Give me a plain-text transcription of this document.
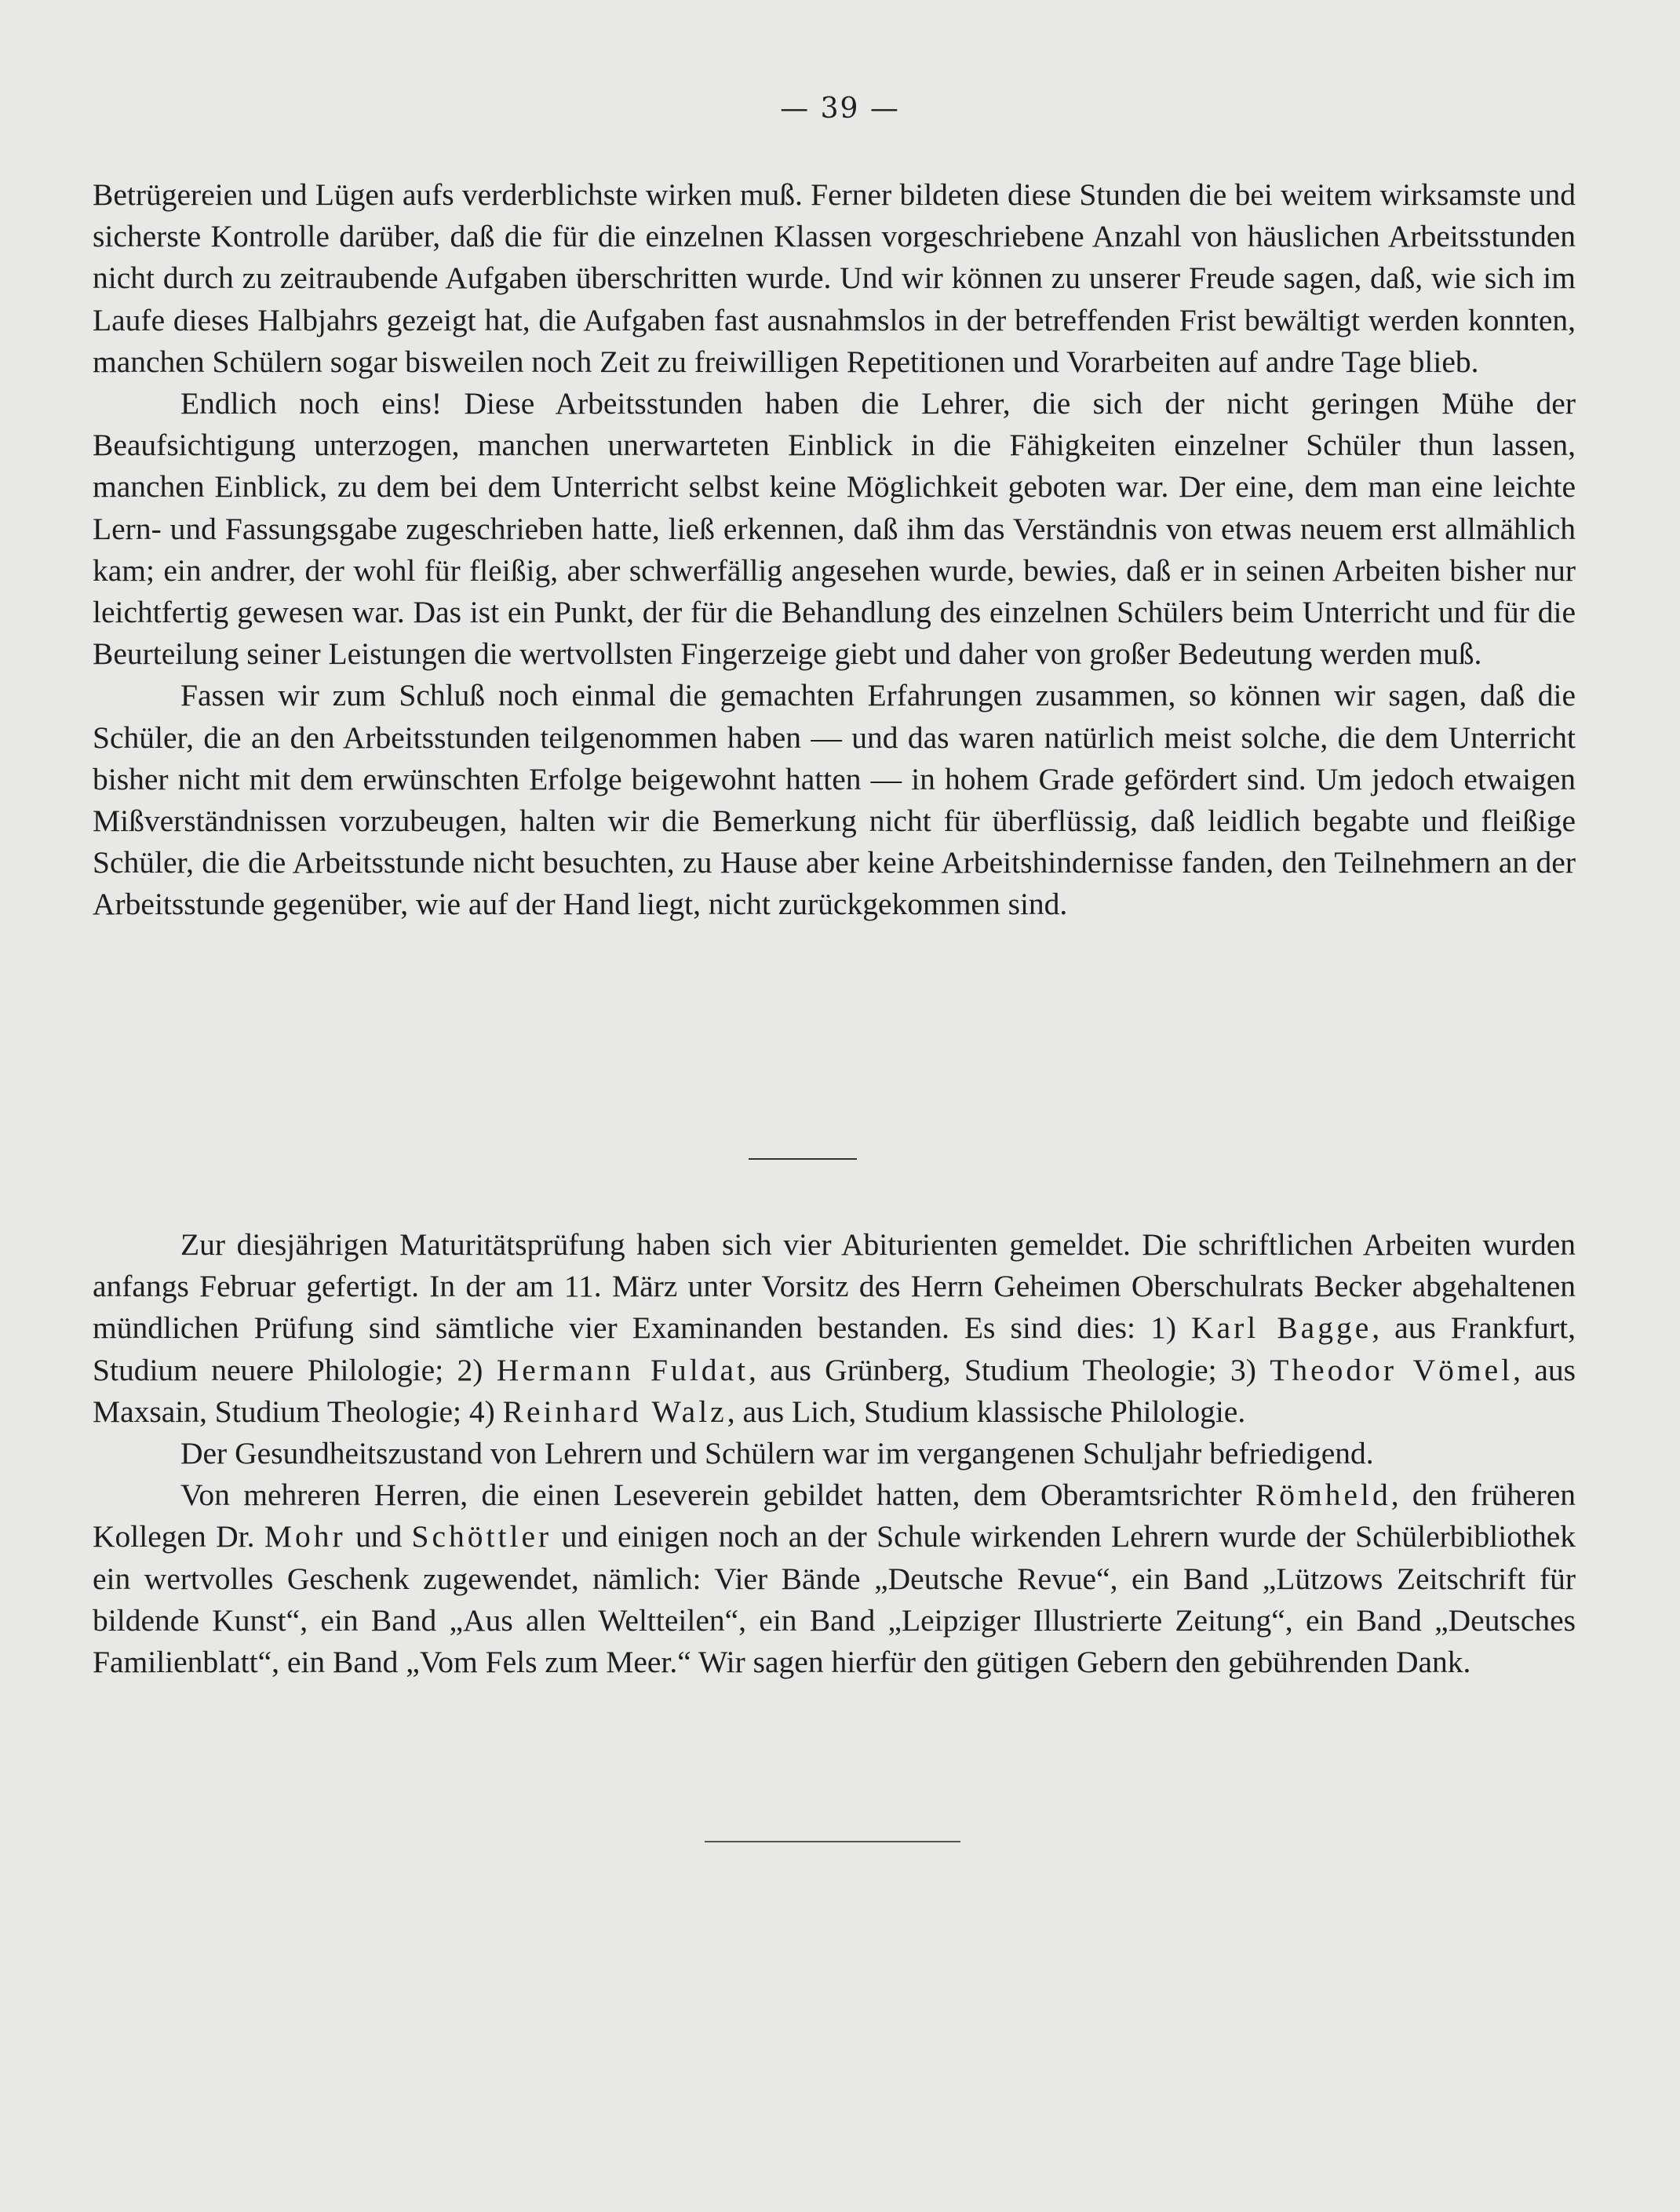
— 39 —

Betrügereien und Lügen aufs verderblichste wirken muß. Ferner bildeten diese Stunden die bei weitem wirksamste und sicherste Kontrolle darüber, daß die für die einzelnen Klassen vorgeschriebene Anzahl von häuslichen Arbeitsstunden nicht durch zu zeitraubende Aufgaben überschritten wurde. Und wir können zu unserer Freude sagen, daß, wie sich im Laufe dieses Halbjahrs gezeigt hat, die Aufgaben fast ausnahmslos in der betreffenden Frist bewältigt werden konnten, manchen Schülern sogar bisweilen noch Zeit zu freiwilligen Repetitionen und Vorarbeiten auf andre Tage blieb.

Endlich noch eins! Diese Arbeitsstunden haben die Lehrer, die sich der nicht geringen Mühe der Beaufsichtigung unterzogen, manchen unerwarteten Einblick in die Fähigkeiten einzelner Schüler thun lassen, manchen Einblick, zu dem bei dem Unterricht selbst keine Möglichkeit geboten war. Der eine, dem man eine leichte Lern- und Fassungsgabe zugeschrieben hatte, ließ erkennen, daß ihm das Verständnis von etwas neuem erst allmählich kam; ein andrer, der wohl für fleißig, aber schwerfällig angesehen wurde, bewies, daß er in seinen Arbeiten bisher nur leichtfertig gewesen war. Das ist ein Punkt, der für die Behandlung des einzelnen Schülers beim Unterricht und für die Beurteilung seiner Leistungen die wertvollsten Fingerzeige giebt und daher von großer Bedeutung werden muß.

Fassen wir zum Schluß noch einmal die gemachten Erfahrungen zusammen, so können wir sagen, daß die Schüler, die an den Arbeitsstunden teilgenommen haben — und das waren natürlich meist solche, die dem Unterricht bisher nicht mit dem erwünschten Erfolge beigewohnt hatten — in hohem Grade gefördert sind. Um jedoch etwaigen Mißverständnissen vorzubeugen, halten wir die Bemerkung nicht für überflüssig, daß leidlich begabte und fleißige Schüler, die die Arbeitsstunde nicht besuchten, zu Hause aber keine Arbeitshindernisse fanden, den Teilnehmern an der Arbeitsstunde gegenüber, wie auf der Hand liegt, nicht zurückgekommen sind.

Zur diesjährigen Maturitätsprüfung haben sich vier Abiturienten gemeldet. Die schriftlichen Arbeiten wurden anfangs Februar gefertigt. In der am 11. März unter Vorsitz des Herrn Geheimen Oberschulrats Becker abgehaltenen mündlichen Prüfung sind sämtliche vier Examinanden bestanden. Es sind dies: 1) Karl Bagge, aus Frankfurt, Studium neuere Philologie; 2) Hermann Fuldat, aus Grünberg, Studium Theologie; 3) Theodor Vömel, aus Maxsain, Studium Theologie; 4) Reinhard Walz, aus Lich, Studium klassische Philologie.

Der Gesundheitszustand von Lehrern und Schülern war im vergangenen Schuljahr befriedigend.

Von mehreren Herren, die einen Leseverein gebildet hatten, dem Oberamtsrichter Römheld, den früheren Kollegen Dr. Mohr und Schöttler und einigen noch an der Schule wirkenden Lehrern wurde der Schülerbibliothek ein wertvolles Geschenk zugewendet, nämlich: Vier Bände „Deutsche Revue“, ein Band „Lützows Zeitschrift für bildende Kunst“, ein Band „Aus allen Weltteilen“, ein Band „Leipziger Illustrierte Zeitung“, ein Band „Deutsches Familienblatt“, ein Band „Vom Fels zum Meer.“ Wir sagen hierfür den gütigen Gebern den gebührenden Dank.
